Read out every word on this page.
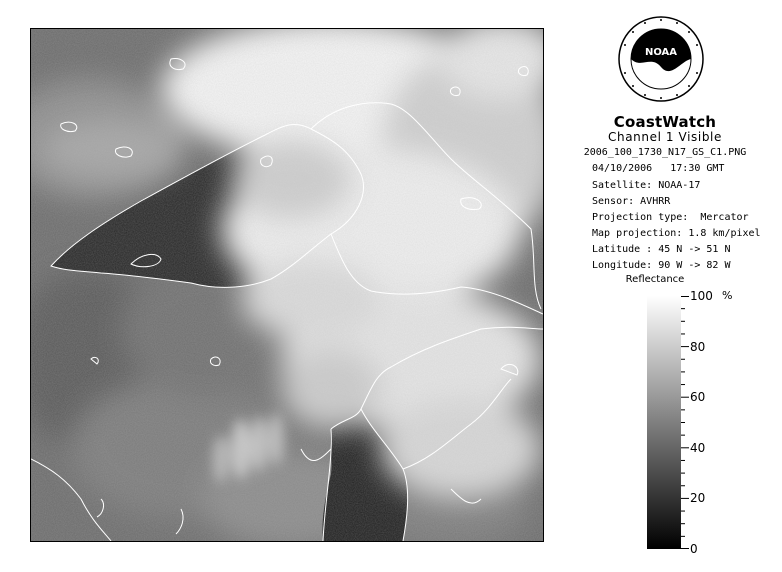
NOAA
CoastWatch
Channel 1 Visible
2006_100_1730_N17_GS_C1.PNG
04/10/2006   17:30 GMT
Satellite: NOAA-17
Sensor: AVHRR
Projection type:  Mercator
Map projection: 1.8 km/pixel
Latitude : 45 N -> 51 N
Longitude: 90 W -> 82 W
Reflectance
%
100
80
60
40
20
0
